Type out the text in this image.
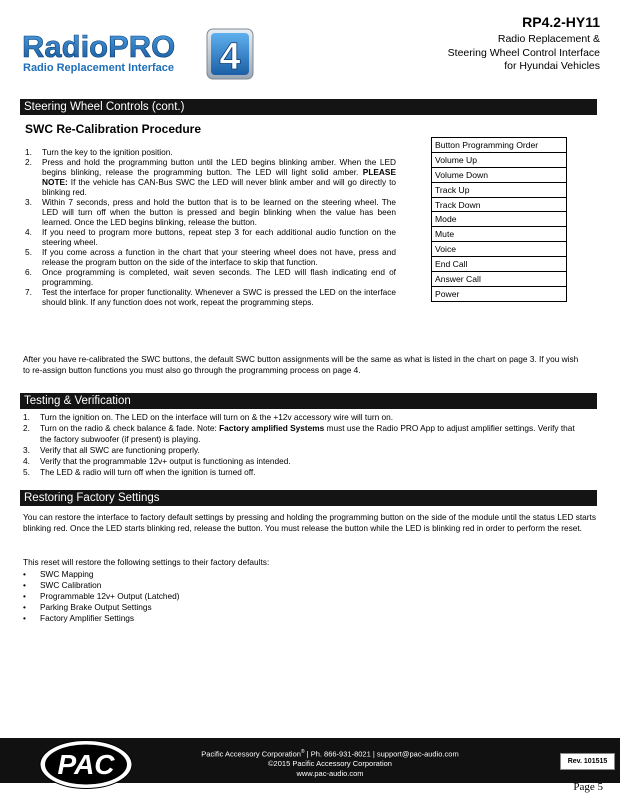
RadioPRO
Radio Replacement Interface 4
RP4.2-HY11
Radio Replacement &
Steering Wheel Control Interface
for Hyundai Vehicles
Steering Wheel Controls (cont.)
SWC Re-Calibration Procedure
1. Turn the key to the ignition position.
2. Press and hold the programming button until the LED begins blinking amber. When the LED begins blinking, release the programming button. The LED will light solid amber. PLEASE NOTE: If the vehicle has CAN-Bus SWC the LED will never blink amber and will go directly to blinking red.
3. Within 7 seconds, press and hold the button that is to be learned on the steering wheel. The LED will turn off when the button is pressed and begin blinking when the value has been learned. Once the LED begins blinking, release the button.
4. If you need to program more buttons, repeat step 3 for each additional audio function on the steering wheel.
5. If you come across a function in the chart that your steering wheel does not have, press and release the program button on the side of the interface to skip that function.
6. Once programming is completed, wait seven seconds. The LED will flash indicating end of programming.
7. Test the interface for proper functionality. Whenever a SWC is pressed the LED on the interface should blink. If any function does not work, repeat the programming steps.
Button Programming Order
Volume Up
Volume Down
Track Up
Track Down
Mode
Mute
Voice
End Call
Answer Call
Power
After you have re-calibrated the SWC buttons, the default SWC button assignments will be the same as what is listed in the chart on page 3. If you wish to re-assign button functions you must also go through the programming process on page 4.
Testing & Verification
1. Turn the ignition on. The LED on the interface will turn on & the +12v accessory wire will turn on.
2. Turn on the radio & check balance & fade. Note: Factory amplified Systems must use the Radio PRO App to adjust amplifier settings. Verify that the factory subwoofer (if present) is playing.
3. Verify that all SWC are functioning properly.
4. Verify that the programmable 12v+ output is functioning as intended.
5. The LED & radio will turn off when the ignition is turned off.
Restoring Factory Settings
You can restore the interface to factory default settings by pressing and holding the programming button on the side of the module until the status LED starts blinking red. Once the LED starts blinking red, release the button. You must release the button while the LED is blinking red in order to perform the reset.
This reset will restore the following settings to their factory defaults:
• SWC Mapping
• SWC Calibration
• Programmable 12v+ Output (Latched)
• Parking Brake Output Settings
• Factory Amplifier Settings
PAC	Pacific Accessory Corporation® | Ph. 866-931-8021 | support@pac-audio.com
©2015 Pacific Accessory Corporation
www.pac-audio.com
Rev. 101515
Page 5
